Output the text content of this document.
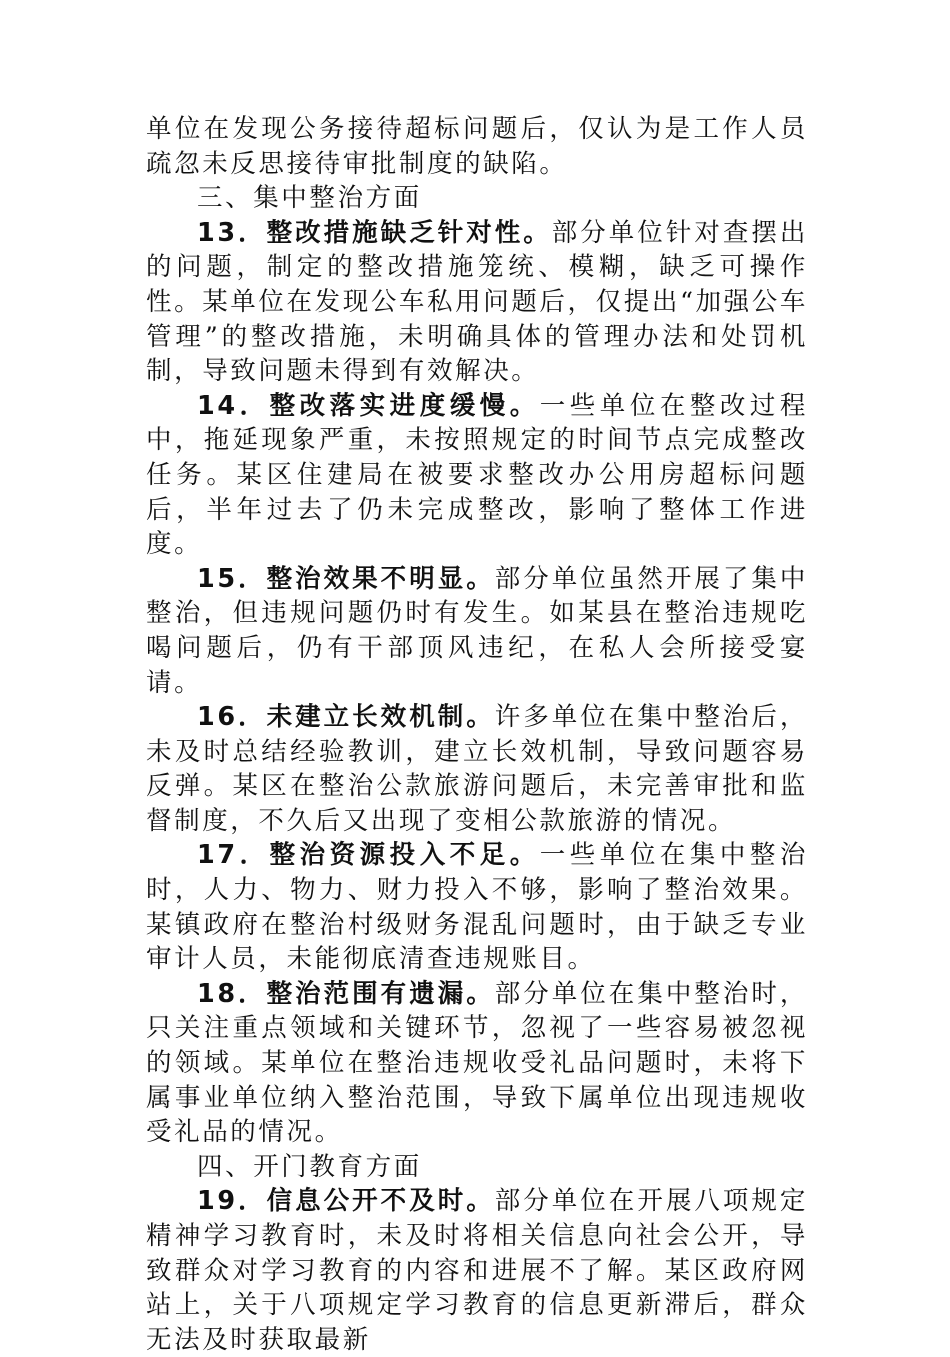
单位在发现公务接待超标问题后，仅认为是工作人员疏忽未反思接待审批制度的缺陷。

三、集中整治方面

13．整改措施缺乏针对性。部分单位针对查摆出的问题，制定的整改措施笼统、模糊，缺乏可操作性。某单位在发现公车私用问题后，仅提出“加强公车管理”的整改措施，未明确具体的管理办法和处罚机制，导致问题未得到有效解决。

14．整改落实进度缓慢。一些单位在整改过程中，拖延现象严重，未按照规定的时间节点完成整改任务。某区住建局在被要求整改办公用房超标问题后，半年过去了仍未完成整改，影响了整体工作进度。

15．整治效果不明显。部分单位虽然开展了集中整治，但违规问题仍时有发生。如某县在整治违规吃喝问题后，仍有干部顶风违纪，在私人会所接受宴请。

16．未建立长效机制。许多单位在集中整治后，未及时总结经验教训，建立长效机制，导致问题容易反弹。某区在整治公款旅游问题后，未完善审批和监督制度，不久后又出现了变相公款旅游的情况。

17．整治资源投入不足。一些单位在集中整治时，人力、物力、财力投入不够，影响了整治效果。某镇政府在整治村级财务混乱问题时，由于缺乏专业审计人员，未能彻底清查违规账目。

18．整治范围有遗漏。部分单位在集中整治时，只关注重点领域和关键环节，忽视了一些容易被忽视的领域。某单位在整治违规收受礼品问题时，未将下属事业单位纳入整治范围，导致下属单位出现违规收受礼品的情况。

四、开门教育方面

19．信息公开不及时。部分单位在开展八项规定精神学习教育时，未及时将相关信息向社会公开，导致群众对学习教育的内容和进展不了解。某区政府网站上，关于八项规定学习教育的信息更新滞后，群众无法及时获取最新
